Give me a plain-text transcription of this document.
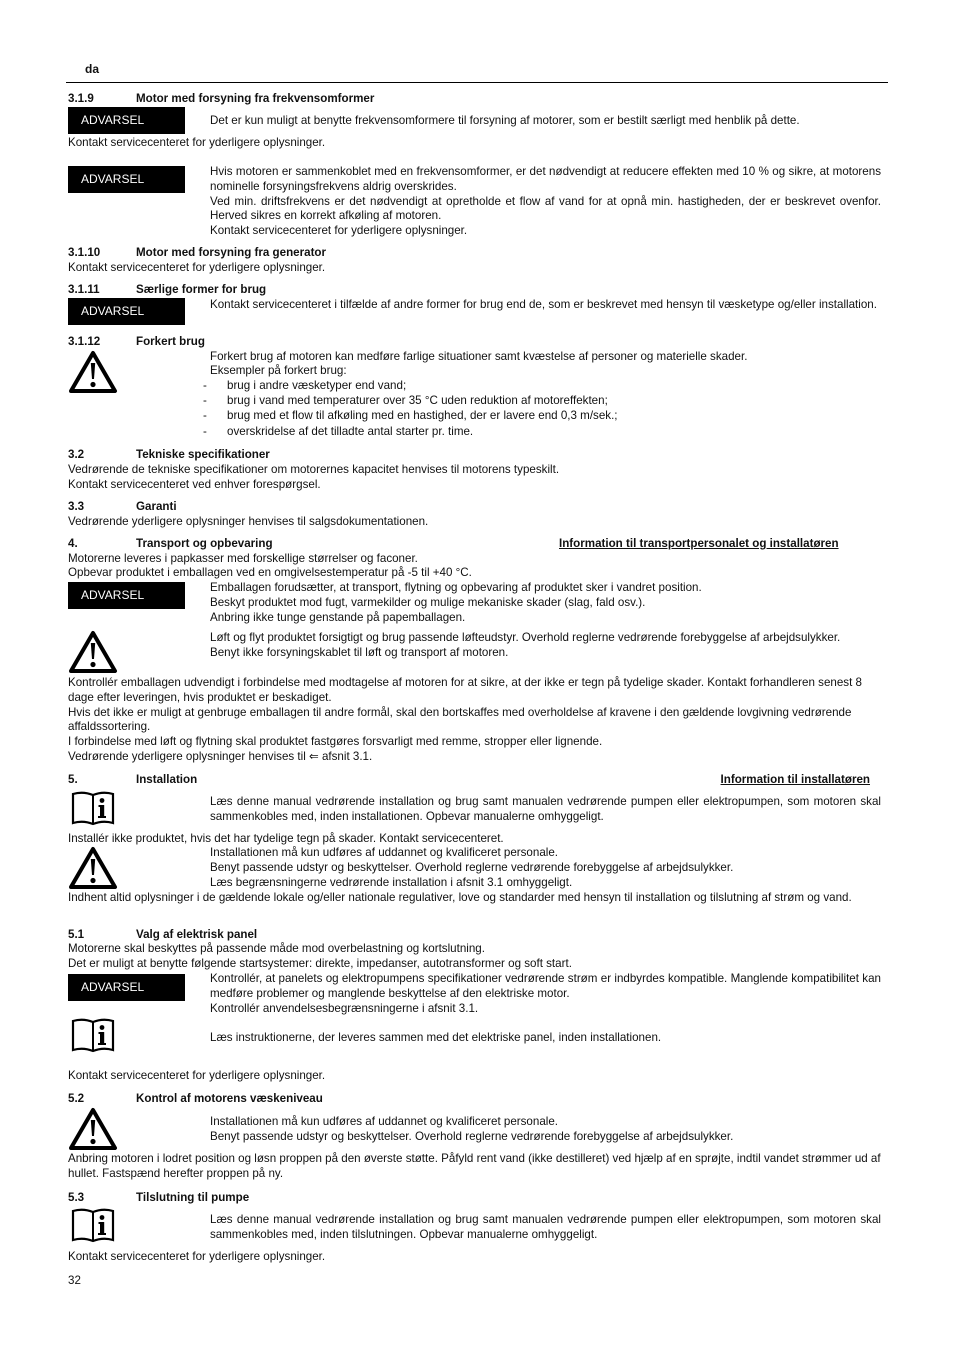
da
3.1.9	Motor med forsyning fra frekvensomformer
ADVARSEL	Det er kun muligt at benytte frekvensomformere til forsyning af motorer, som er bestilt særligt med henblik på dette.
Kontakt servicecenteret for yderligere oplysninger.
ADVARSEL
Hvis motoren er sammenkoblet med en frekvensomformer, er det nødvendigt at reducere effekten med 10 % og sikre, at motorens nominelle forsyningsfrekvens aldrig overskrides.
Ved min. driftsfrekvens er det nødvendigt at opretholde et flow af vand for at opnå min. hastigheden, der er beskrevet ovenfor. Herved sikres en korrekt afkøling af motoren.
Kontakt servicecenteret for yderligere oplysninger.
3.1.10	Motor med forsyning fra generator
Kontakt servicecenteret for yderligere oplysninger.
3.1.11	Særlige former for brug
ADVARSEL	Kontakt servicecenteret i tilfælde af andre former for brug end de, som er beskrevet med hensyn til væsketype og/eller installation.
3.1.12	Forkert brug
Forkert brug af motoren kan medføre farlige situationer samt kvæstelse af personer og materielle skader.
Eksempler på forkert brug:
- brug i andre væsketyper end vand;
- brug i vand med temperaturer over 35 °C uden reduktion af motoreffekten;
- brug med et flow til afkøling med en hastighed, der er lavere end 0,3 m/sek.;
- overskridelse af det tilladte antal starter pr. time.
3.2	Tekniske specifikationer
Vedrørende de tekniske specifikationer om motorernes kapacitet henvises til motorens typeskilt.
Kontakt servicecenteret ved enhver forespørgsel.
3.3	Garanti
Vedrørende yderligere oplysninger henvises til salgsdokumentationen.
4.	Transport og opbevaring	Information til transportpersonalet og installatøren
Motorerne leveres i papkasser med forskellige størrelser og faconer.
Opbevar produktet i emballagen ved en omgivelsestemperatur på -5 til +40 °C.
ADVARSEL
Emballagen forudsætter, at transport, flytning og opbevaring af produktet sker i vandret position.
Beskyt produktet mod fugt, varmekilder og mulige mekaniske skader (slag, fald osv.).
Anbring ikke tunge genstande på papemballagen.
Løft og flyt produktet forsigtigt og brug passende løfteudstyr. Overhold reglerne vedrørende forebyggelse af arbejdsulykker.
Benyt ikke forsyningskablet til løft og transport af motoren.
Kontrollér emballagen udvendigt i forbindelse med modtagelse af motoren for at sikre, at der ikke er tegn på tydelige skader. Kontakt forhandleren senest 8 dage efter leveringen, hvis produktet er beskadiget.
Hvis det ikke er muligt at genbruge emballagen til andre formål, skal den bortskaffes med overholdelse af kravene i den gældende lovgivning vedrørende affaldssortering.
I forbindelse med løft og flytning skal produktet fastgøres forsvarligt med remme, stropper eller lignende.
Vedrørende yderligere oplysninger henvises til ⇐ afsnit 3.1.
5.	Installation	Information til installatøren
Læs denne manual vedrørende installation og brug samt manualen vedrørende pumpen eller elektropumpen, som motoren skal sammenkobles med, inden installationen. Opbevar manualerne omhyggeligt.
Installér ikke produktet, hvis det har tydelige tegn på skader. Kontakt servicecenteret.
Installationen må kun udføres af uddannet og kvalificeret personale.
Benyt passende udstyr og beskyttelser. Overhold reglerne vedrørende forebyggelse af arbejdsulykker.
Læs begrænsningerne vedrørende installation i afsnit 3.1 omhyggeligt.
Indhent altid oplysninger i de gældende lokale og/eller nationale regulativer, love og standarder med hensyn til installation og tilslutning af strøm og vand.
5.1	Valg af elektrisk panel
Motorerne skal beskyttes på passende måde mod overbelastning og kortslutning.
Det er muligt at benytte følgende startsystemer: direkte, impedanser, autotransformer og soft start.
ADVARSEL
Kontrollér, at panelets og elektropumpens specifikationer vedrørende strøm er indbyrdes kompatible. Manglende kompatibilitet kan medføre problemer og manglende beskyttelse af den elektriske motor.
Kontrollér anvendelsesbegrænsningerne i afsnit 3.1.
Læs instruktionerne, der leveres sammen med det elektriske panel, inden installationen.
Kontakt servicecenteret for yderligere oplysninger.
5.2	Kontrol af motorens væskeniveau
Installationen må kun udføres af uddannet og kvalificeret personale.
Benyt passende udstyr og beskyttelser. Overhold reglerne vedrørende forebyggelse af arbejdsulykker.
Anbring motoren i lodret position og løsn proppen på den øverste støtte. Påfyld rent vand (ikke destilleret) ved hjælp af en sprøjte, indtil vandet strømmer ud af hullet. Fastspænd herefter proppen på ny.
5.3	Tilslutning til pumpe
Læs denne manual vedrørende installation og brug samt manualen vedrørende pumpen eller elektropumpen, som motoren skal sammenkobles med, inden tilslutningen. Opbevar manualerne omhyggeligt.
Kontakt servicecenteret for yderligere oplysninger.
32
